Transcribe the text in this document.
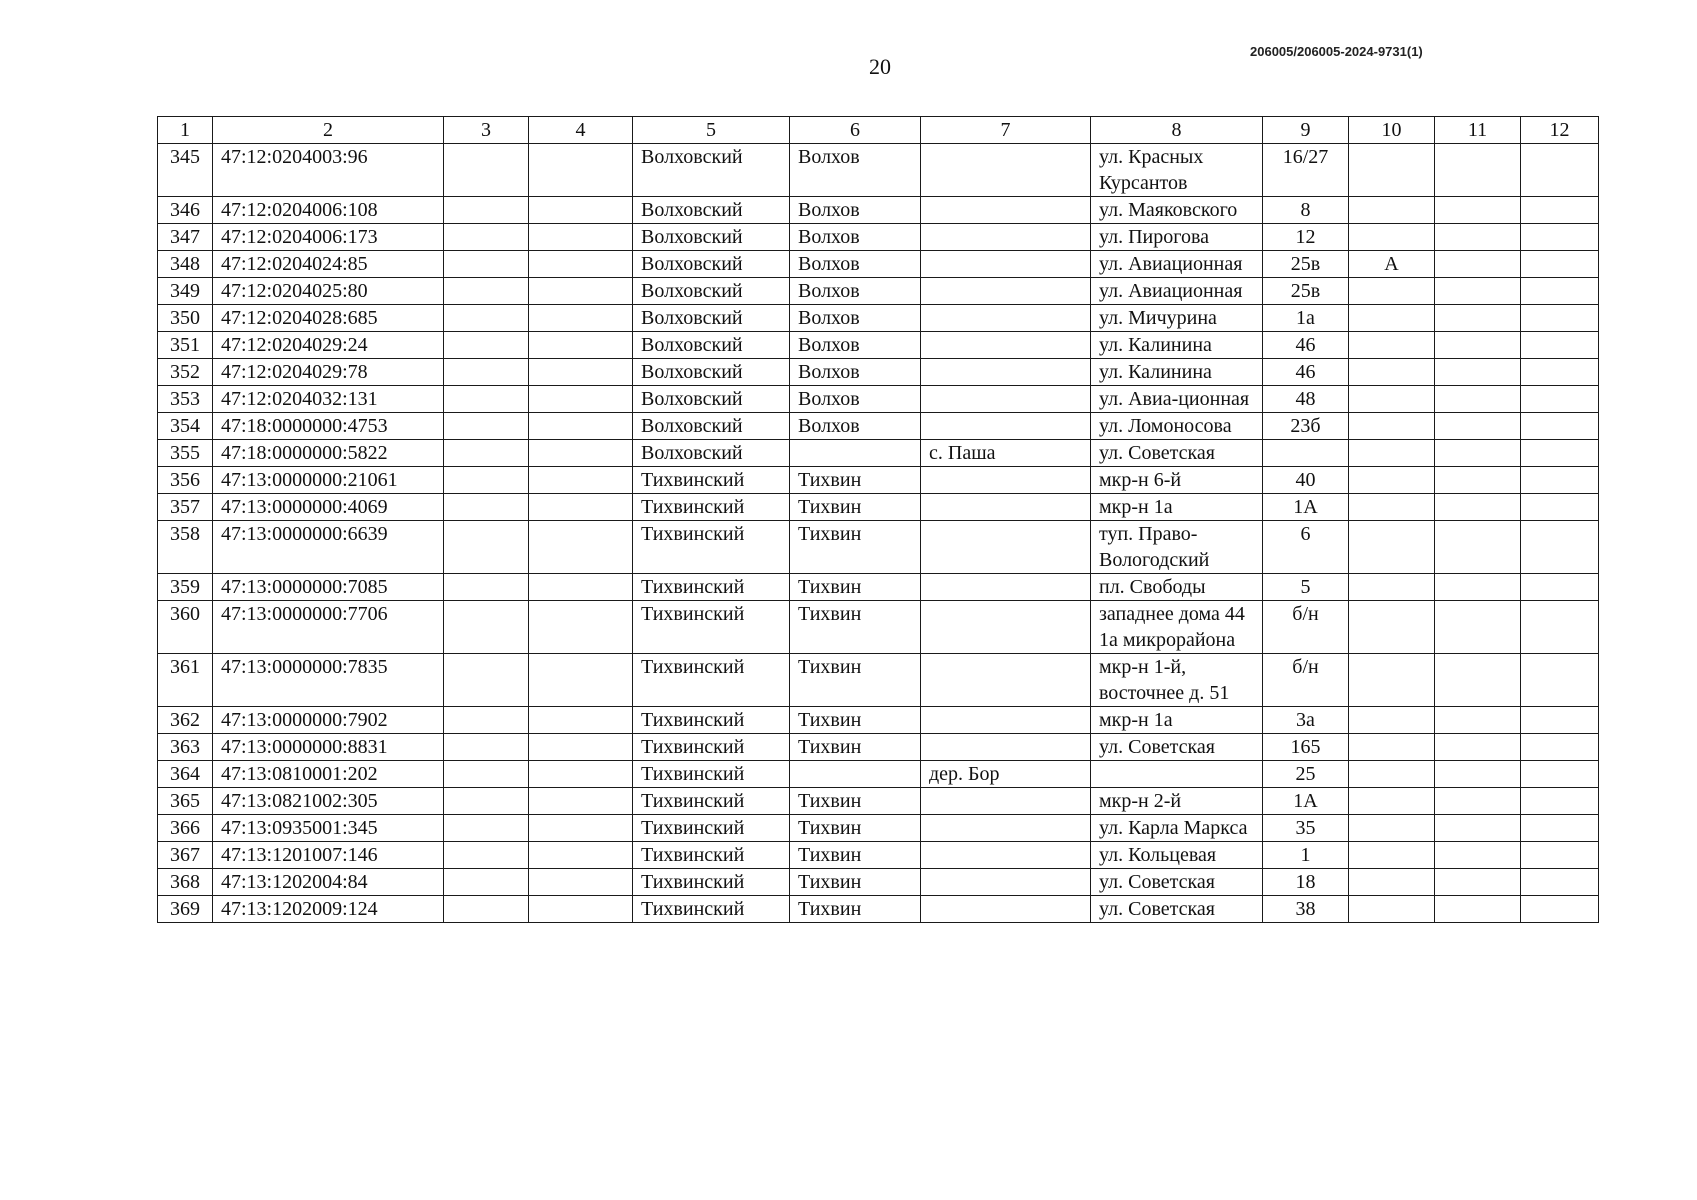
20
206005/206005-2024-9731(1)
1	2	3	4	5	6	7	8	9	10	11	12
345	47:12:0204003:96			Волховский	Волхов		ул. Красных Курсантов	16/27			
346	47:12:0204006:108			Волховский	Волхов		ул. Маяковского	8			
347	47:12:0204006:173			Волховский	Волхов		ул. Пирогова	12			
348	47:12:0204024:85			Волховский	Волхов		ул. Авиационная	25в	А		
349	47:12:0204025:80			Волховский	Волхов		ул. Авиационная	25в			
350	47:12:0204028:685			Волховский	Волхов		ул. Мичурина	1а			
351	47:12:0204029:24			Волховский	Волхов		ул. Калинина	46			
352	47:12:0204029:78			Волховский	Волхов		ул. Калинина	46			
353	47:12:0204032:131			Волховский	Волхов		ул. Авиа-ционная	48			
354	47:18:0000000:4753			Волховский	Волхов		ул. Ломоносова	23б			
355	47:18:0000000:5822			Волховский		с. Паша	ул. Советская				
356	47:13:0000000:21061			Тихвинский	Тихвин		мкр-н 6-й	40			
357	47:13:0000000:4069			Тихвинский	Тихвин		мкр-н 1а	1А			
358	47:13:0000000:6639			Тихвинский	Тихвин		туп. Право-Вологодский	6			
359	47:13:0000000:7085			Тихвинский	Тихвин		пл. Свободы	5			
360	47:13:0000000:7706			Тихвинский	Тихвин		западнее дома 44 1а микрорайона	б/н			
361	47:13:0000000:7835			Тихвинский	Тихвин		мкр-н 1-й, восточнее д. 51	б/н			
362	47:13:0000000:7902			Тихвинский	Тихвин		мкр-н 1а	3а			
363	47:13:0000000:8831			Тихвинский	Тихвин		ул. Советская	165			
364	47:13:0810001:202			Тихвинский		дер. Бор		25			
365	47:13:0821002:305			Тихвинский	Тихвин		мкр-н 2-й	1А			
366	47:13:0935001:345			Тихвинский	Тихвин		ул. Карла Маркса	35			
367	47:13:1201007:146			Тихвинский	Тихвин		ул. Кольцевая	1			
368	47:13:1202004:84			Тихвинский	Тихвин		ул. Советская	18			
369	47:13:1202009:124			Тихвинский	Тихвин		ул. Советская	38			
